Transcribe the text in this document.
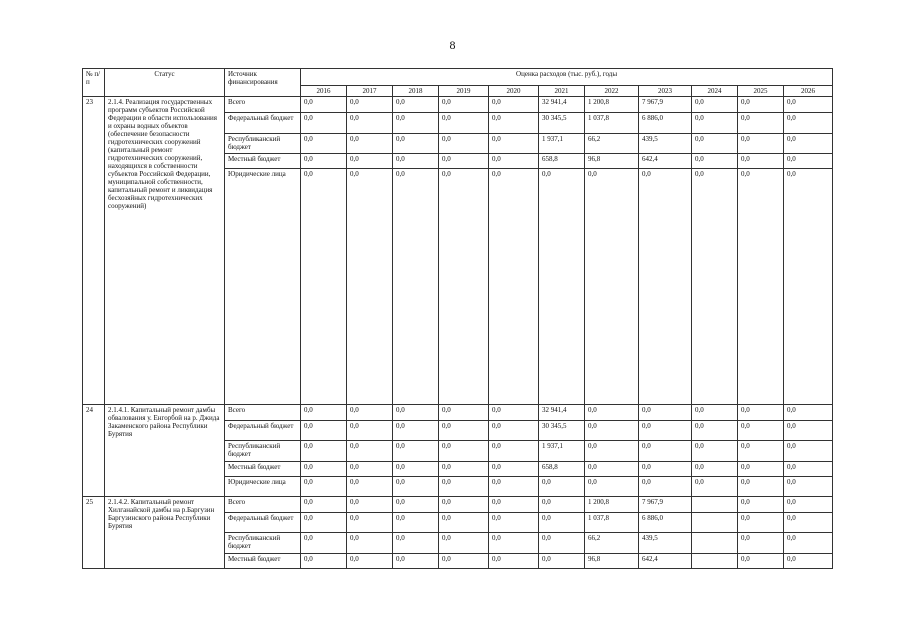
8
№ п/п	Статус	Источник финансирования	Оценка расходов (тыс. руб.), годы										
			2016	2017	2018	2019	2020	2021	2022	2023	2024	2025	2026
23	2.1.4. Реализация государственных программ субъектов Российской Федерации в области использования и охраны водных объектов (обеспечение безопасности гидротехнических сооружений (капитальный ремонт гидротехнических сооружений, находящихся в собственности субъектов Российской Федерации, муниципальной собственности, капитальный ремонт и ликвидация бесхозяйных гидротехнических сооружений)	Всего	0,0	0,0	0,0	0,0	0,0	32 941,4	1 200,8	7 967,9	0,0	0,0	0,0
		Федеральный бюджет	0,0	0,0	0,0	0,0	0,0	30 345,5	1 037,8	6 886,0	0,0	0,0	0,0
		Республиканский бюджет	0,0	0,0	0,0	0,0	0,0	1 937,1	66,2	439,5	0,0	0,0	0,0
		Местный бюджет	0,0	0,0	0,0	0,0	0,0	658,8	96,8	642,4	0,0	0,0	0,0
		Юридические лица	0,0	0,0	0,0	0,0	0,0	0,0	0,0	0,0	0,0	0,0	0,0
24	2.1.4.1. Капитальный ремонт дамбы обвалования у. Енгорбой на р. Джида Закаменского района Республики Бурятия	Всего	0,0	0,0	0,0	0,0	0,0	32 941,4	0,0	0,0	0,0	0,0	0,0
		Федеральный бюджет	0,0	0,0	0,0	0,0	0,0	30 345,5	0,0	0,0	0,0	0,0	0,0
		Республиканский бюджет	0,0	0,0	0,0	0,0	0,0	1 937,1	0,0	0,0	0,0	0,0	0,0
		Местный бюджет	0,0	0,0	0,0	0,0	0,0	658,8	0,0	0,0	0,0	0,0	0,0
		Юридические лица	0,0	0,0	0,0	0,0	0,0	0,0	0,0	0,0	0,0	0,0	0,0
25	2.1.4.2. Капитальный ремонт Хилганайской дамбы на р.Баргузин Баргузинского района Республики Бурятия	Всего	0,0	0,0	0,0	0,0	0,0	0,0	1 200,8	7 967,9		0,0	0,0
		Федеральный бюджет	0,0	0,0	0,0	0,0	0,0	0,0	1 037,8	6 886,0		0,0	0,0
		Республиканский бюджет	0,0	0,0	0,0	0,0	0,0	0,0	66,2	439,5		0,0	0,0
		Местный бюджет	0,0	0,0	0,0	0,0	0,0	0,0	96,8	642,4		0,0	0,0
